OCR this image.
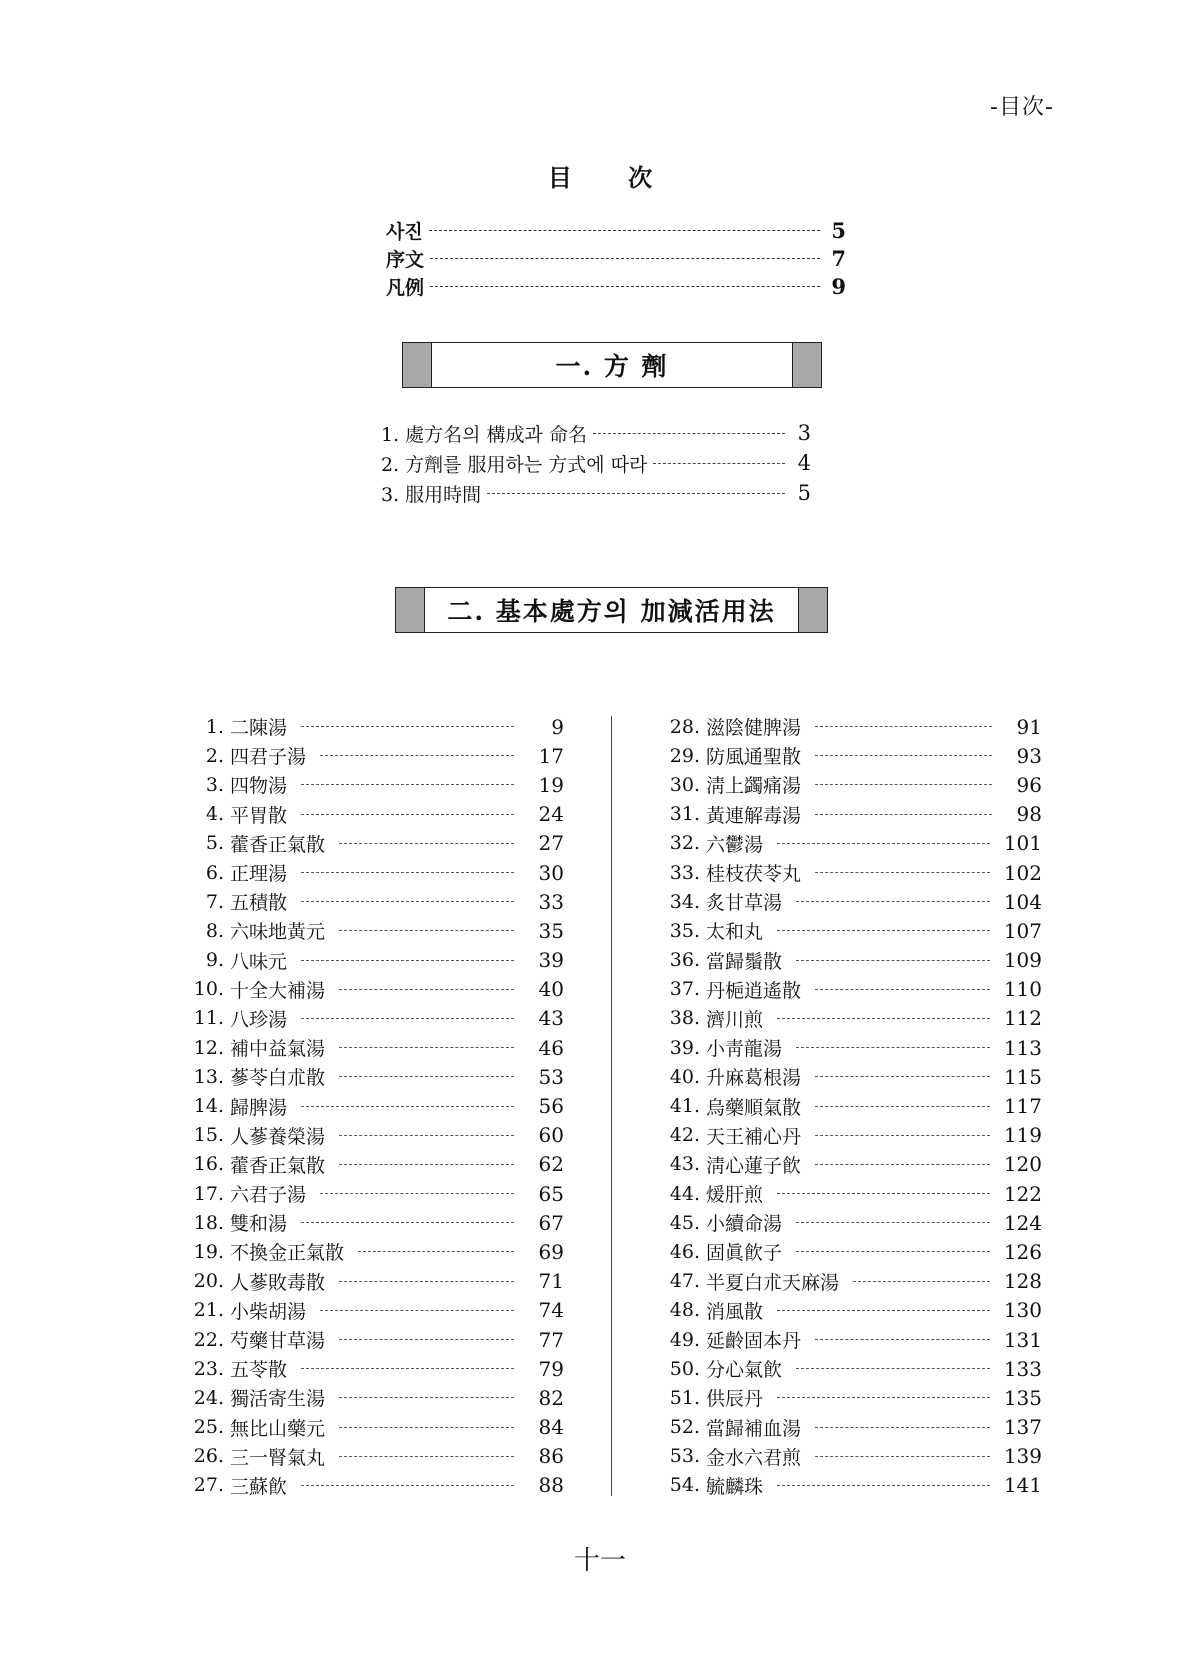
-目次-
目 次
사진	5
序文	7
凡例	9
一. 方 劑
1. 處方名의 構成과 命名	3
2. 方劑를 服用하는 方式에 따라	4
3. 服用時間	5
二. 基本處方의 加減活用法
1. 二陳湯	9
2. 四君子湯	17
3. 四物湯	19
4. 平胃散	24
5. 藿香正氣散	27
6. 正理湯	30
7. 五積散	33
8. 六味地黃元	35
9. 八味元	39
10. 十全大補湯	40
11. 八珍湯	43
12. 補中益氣湯	46
13. 蔘苓白朮散	53
14. 歸脾湯	56
15. 人蔘養榮湯	60
16. 藿香正氣散	62
17. 六君子湯	65
18. 雙和湯	67
19. 不換金正氣散	69
20. 人蔘敗毒散	71
21. 小柴胡湯	74
22. 芍藥甘草湯	77
23. 五苓散	79
24. 獨活寄生湯	82
25. 無比山藥元	84
26. 三一腎氣丸	86
27. 三蘇飮	88
28. 滋陰健脾湯	91
29. 防風通聖散	93
30. 淸上蠲痛湯	96
31. 黃連解毒湯	98
32. 六鬱湯	101
33. 桂枝茯苓丸	102
34. 炙甘草湯	104
35. 太和丸	107
36. 當歸鬚散	109
37. 丹梔逍遙散	110
38. 濟川煎	112
39. 小靑龍湯	113
40. 升麻葛根湯	115
41. 烏藥順氣散	117
42. 天王補心丹	119
43. 淸心蓮子飮	120
44. 煖肝煎	122
45. 小續命湯	124
46. 固眞飮子	126
47. 半夏白朮天麻湯	128
48. 消風散	130
49. 延齡固本丹	131
50. 分心氣飮	133
51. 供辰丹	135
52. 當歸補血湯	137
53. 金水六君煎	139
54. 毓麟珠	141
十一
